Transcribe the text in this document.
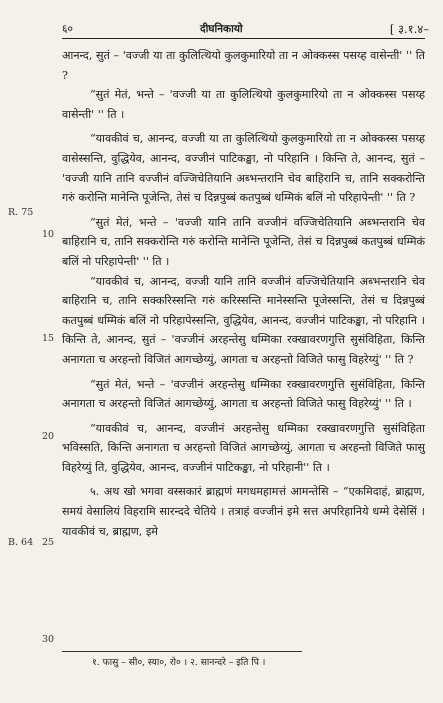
६०	दीघनिकायो	[ ३.१.४–
R. 75
10
15
20
B. 64 25
30

आनन्द, सुतं – 'वज्जी या ता कुलित्थियो कुलकुमारियो ता न ओक्कस्स पसय्ह वासेन्ती' '' ति ?

“सुतं मेतं, भन्ते – 'वज्जी या ता कुलित्थियो कुलकुमारियो ता न ओक्कस्स पसय्ह वासेन्ती' '' ति ।

“यावकीवं च, आनन्द, वज्जी या ता कुलित्थियो कुलकुमारियो ता न ओक्कस्स पसय्ह वासेस्सन्ति, वुद्धियेव, आनन्द, वज्जीनं पाटिकङ्खा, नो परिहानि । किन्ति ते, आनन्द, सुतं – 'वज्जी यानि तानि वज्जीनं वज्जिचेतियानि अब्भन्तरानि चेव बाहिरानि च, तानि सक्करोन्ति गरुं करोन्ति मानेन्ति पूजेन्ति, तेसं च दिन्नपुब्बं कतपुब्बं धम्मिकं बलिं नो परिहापेन्ती' '' ति ?

“सुतं मेतं, भन्ते – 'वज्जी यानि तानि वज्जीनं वज्जिचेतियानि अब्भन्तरानि चेव बाहिरानि च, तानि सक्करोन्ति गरुं करोन्ति मानेन्ति पूजेन्ति, तेसं च दिन्नपुब्बं कतपुब्बं धम्मिकं बलिं नो परिहापेन्ती' '' ति ।

“यावकीवं च, आनन्द, वज्जी यानि तानि वज्जीनं वज्जिचेतियानि अब्भन्तरानि चेव बाहिरानि च, तानि सक्करिस्सन्ति गरुं करिस्सन्ति मानेस्सन्ति पूजेस्सन्ति, तेसं च दिन्नपुब्बं कतपुब्बं धम्मिकं बलिं नो परिहापेस्सन्ति, वुद्धियेव, आनन्द, वज्जीनं पाटिकङ्खा, नो परिहानि । किन्ति ते, आनन्द, सुतं – 'वज्जीनं अरहन्तेसु धम्मिका रक्खावरणगुत्ति सुसंविहिता, किन्ति अनागता च अरहन्तो विजितं आगच्छेय्युं, आगता च अरहन्तो विजिते फासु विहरेय्युं' '' ति ?

“सुतं मेतं, भन्ते – 'वज्जीनं अरहन्तेसु धम्मिका रक्खावरणगुत्ति सुसंविहिता, किन्ति अनागता च अरहन्तो विजितं आगच्छेय्युं, आगता च अरहन्तो विजिते फासु विहरेय्युं' '' ति ।

“यावकीवं च, आनन्द, वज्जीनं अरहन्तेसु धम्मिका रक्खावरणगुत्ति सुसंविहिता भविस्सति, किन्ति अनागता च अरहन्तो विजितं आगच्छेय्युं, आगता च अरहन्तो विजिते फासु विहरेय्युं ति, वुद्धियेव, आनन्द, वज्जीनं पाटिकङ्खा, नो परिहानी'' ति ।

५. अथ खो भगवा वस्सकारं ब्राह्मणं मगधमहामत्तं आमन्तेसि – “एकमिदाहं, ब्राह्मण, समयं वेसालियं विहरामि सारन्ददे चेतिये । तत्राहं वज्जीनं इमे सत्त अपरिहानिये धम्मे देसेसिं । यावकीवं च, ब्राह्मण, इमे

१. फासु – सी०, स्या०, रो० । २. सानन्दरे – इति पि ।
